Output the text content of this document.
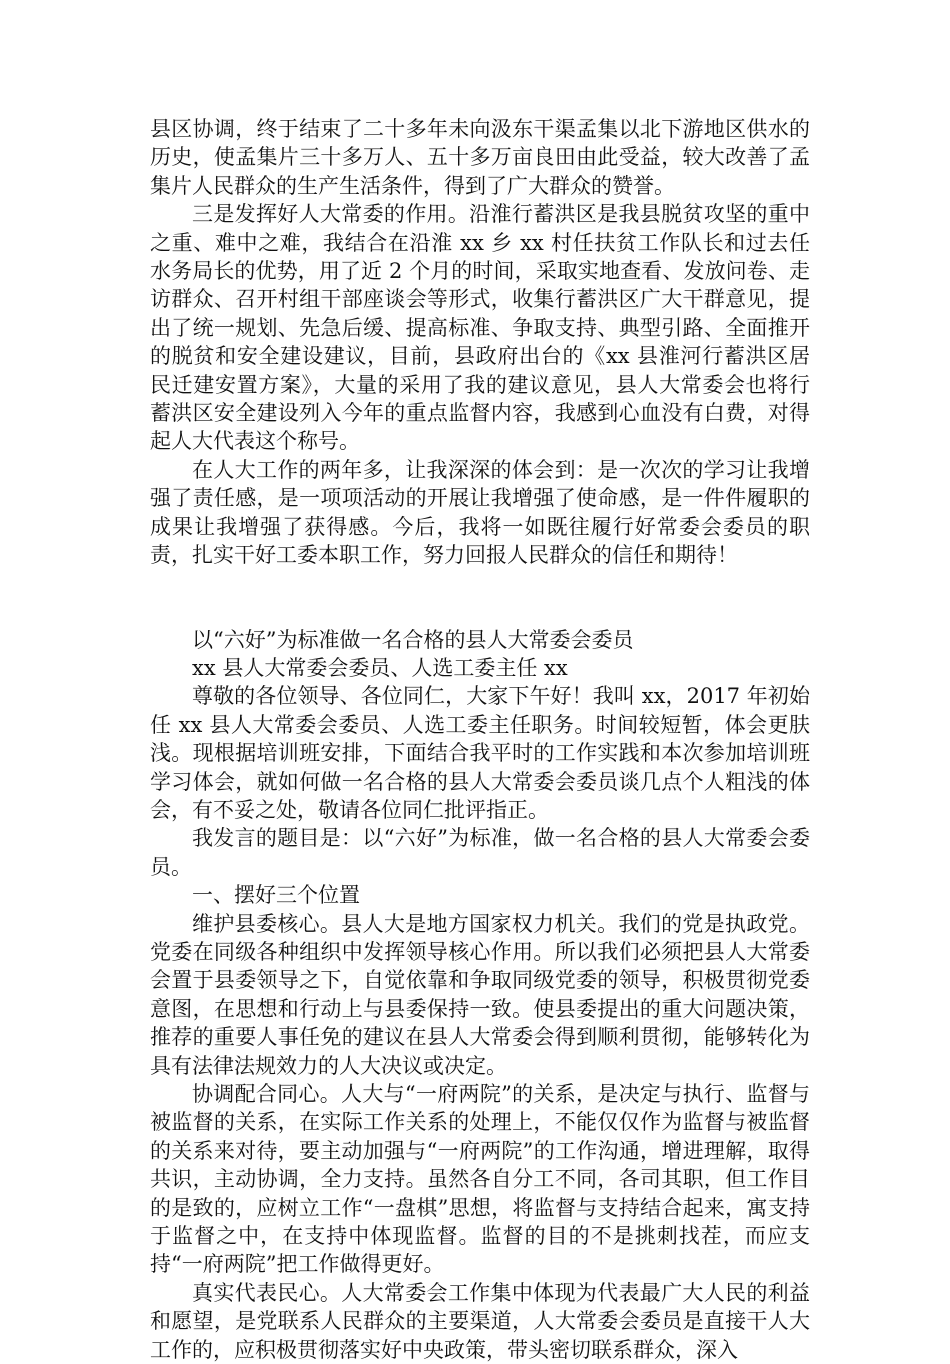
县区协调，终于结束了二十多年未向汲东干渠孟集以北下游地区供水的历史，使孟集片三十多万人、五十多万亩良田由此受益，较大改善了孟集片人民群众的生产生活条件，得到了广大群众的赞誉。

三是发挥好人大常委的作用。沿淮行蓄洪区是我县脱贫攻坚的重中之重、难中之难，我结合在沿淮 xx 乡 xx 村任扶贫工作队长和过去任水务局长的优势，用了近 2 个月的时间，采取实地查看、发放问卷、走访群众、召开村组干部座谈会等形式，收集行蓄洪区广大干群意见，提出了统一规划、先急后缓、提高标准、争取支持、典型引路、全面推开的脱贫和安全建设建议，目前，县政府出台的《xx 县淮河行蓄洪区居民迁建安置方案》，大量的采用了我的建议意见，县人大常委会也将行蓄洪区安全建设列入今年的重点监督内容，我感到心血没有白费，对得起人大代表这个称号。

在人大工作的两年多，让我深深的体会到：是一次次的学习让我增强了责任感，是一项项活动的开展让我增强了使命感，是一件件履职的成果让我增强了获得感。今后，我将一如既往履行好常委会委员的职责，扎实干好工委本职工作，努力回报人民群众的信任和期待！

以“六好”为标准做一名合格的县人大常委会委员

xx 县人大常委会委员、人选工委主任 xx

尊敬的各位领导、各位同仁，大家下午好！我叫 xx，2017 年初始任 xx 县人大常委会委员、人选工委主任职务。时间较短暂，体会更肤浅。现根据培训班安排，下面结合我平时的工作实践和本次参加培训班学习体会，就如何做一名合格的县人大常委会委员谈几点个人粗浅的体会，有不妥之处，敬请各位同仁批评指正。

我发言的题目是：以“六好”为标准，做一名合格的县人大常委会委员。

一、摆好三个位置

维护县委核心。县人大是地方国家权力机关。我们的党是执政党。党委在同级各种组织中发挥领导核心作用。所以我们必须把县人大常委会置于县委领导之下，自觉依靠和争取同级党委的领导，积极贯彻党委意图，在思想和行动上与县委保持一致。使县委提出的重大问题决策，推荐的重要人事任免的建议在县人大常委会得到顺利贯彻，能够转化为具有法律法规效力的人大决议或决定。

协调配合同心。人大与“一府两院”的关系，是决定与执行、监督与被监督的关系，在实际工作关系的处理上，不能仅仅作为监督与被监督的关系来对待，要主动加强与“一府两院”的工作沟通，增进理解，取得共识，主动协调，全力支持。虽然各自分工不同，各司其职，但工作目的是致的，应树立工作“一盘棋”思想，将监督与支持结合起来，寓支持于监督之中，在支持中体现监督。监督的目的不是挑刺找茬，而应支持“一府两院”把工作做得更好。

真实代表民心。人大常委会工作集中体现为代表最广大人民的利益和愿望，是党联系人民群众的主要渠道，人大常委会委员是直接干人大工作的，应积极贯彻落实好中央政策，带头密切联系群众，深入
